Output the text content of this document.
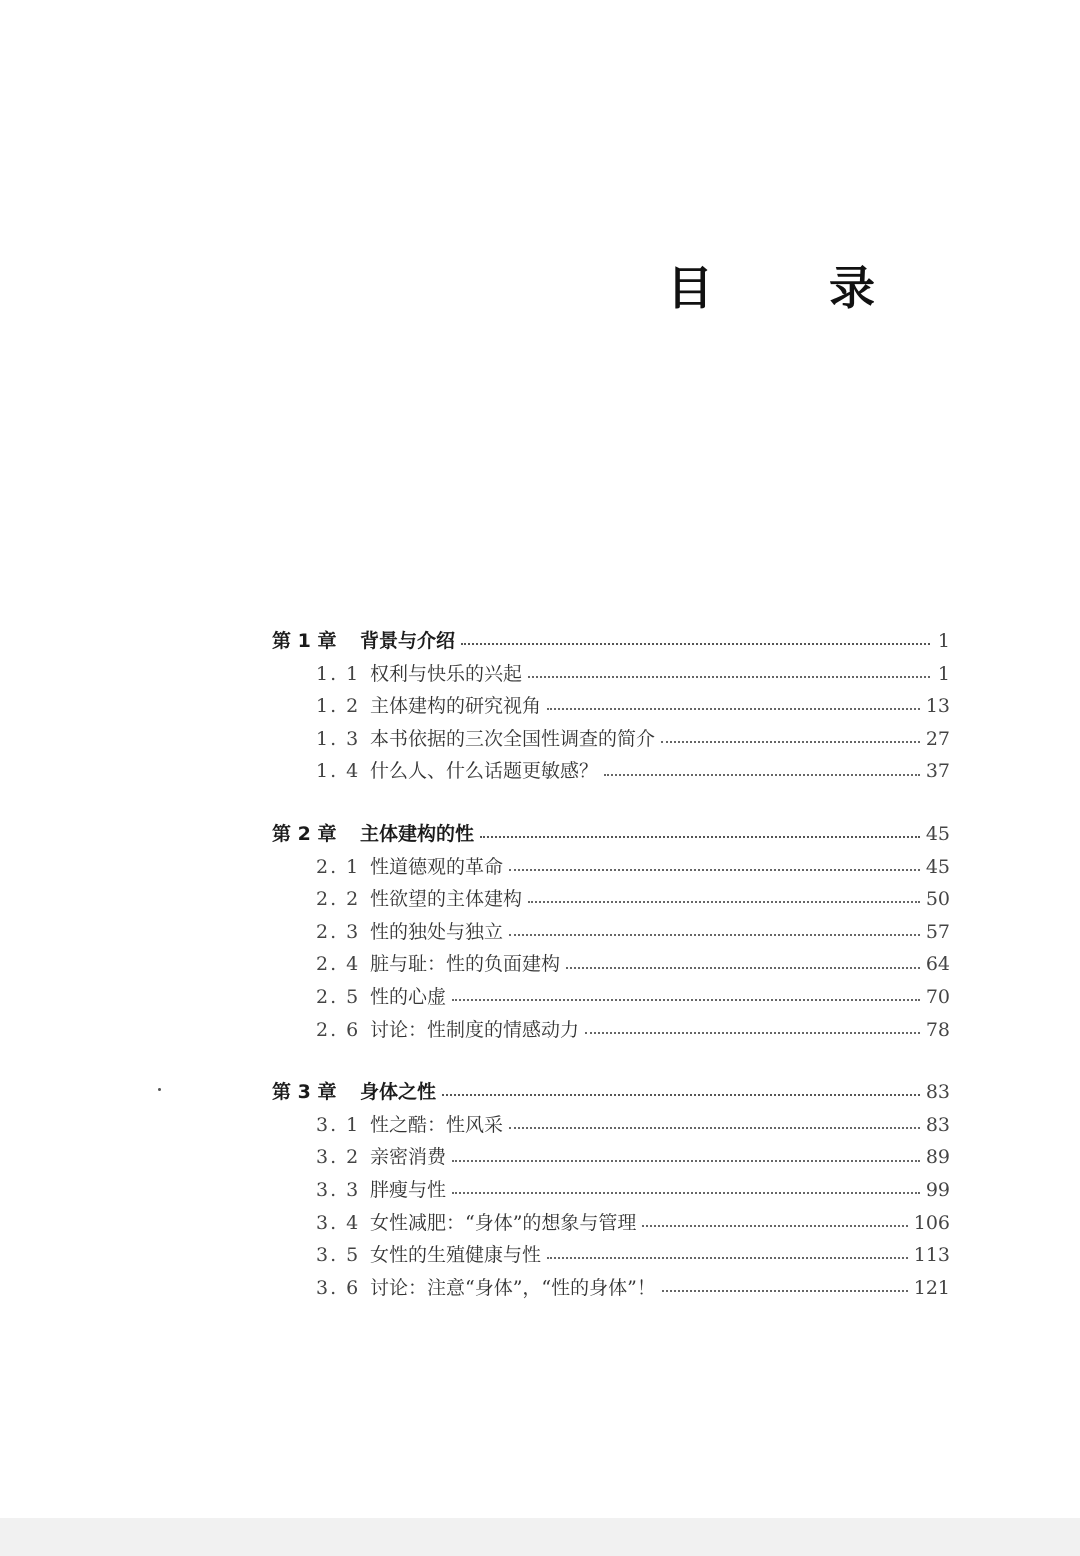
目 录
第 1 章	背景与介绍	1
1. 1 权利与快乐的兴起	1
1. 2 主体建构的研究视角	13
1. 3 本书依据的三次全国性调查的简介	27
1. 4 什么人、什么话题更敏感？	37
第 2 章	主体建构的性	45
2. 1 性道德观的革命	45
2. 2 性欲望的主体建构	50
2. 3 性的独处与独立	57
2. 4 脏与耻：性的负面建构	64
2. 5 性的心虚	70
2. 6 讨论：性制度的情感动力	78
第 3 章	身体之性	83
3. 1 性之酷：性风采	83
3. 2 亲密消费	89
3. 3 胖瘦与性	99
3. 4 女性减肥：“身体”的想象与管理	106
3. 5 女性的生殖健康与性	113
3. 6 讨论：注意“身体”，“性的身体”！	121
